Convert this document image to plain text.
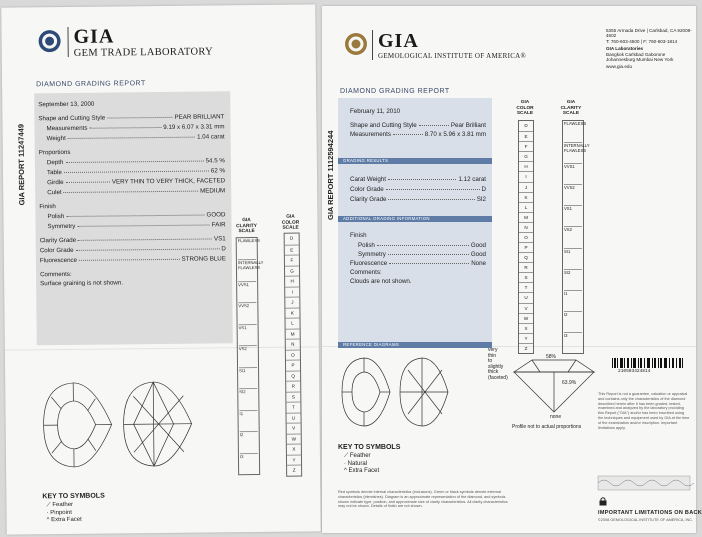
GIA
GEM TRADE LABORATORY
DIAMOND GRADING REPORT
GIA REPORT 11247449
September 13, 2000
Shape and Cutting Style	PEAR BRILLIANT
Measurements	9.19 x 6.07 x 3.31 mm
Weight	1.04 carat
Proportions
Depth	54.5 %
Table	62 %
Girdle	VERY THIN TO VERY THICK, FACETED
Culet	MEDIUM
Finish
Polish	GOOD
Symmetry	FAIR
Clarity Grade	VS1
Color Grade	D
Fluorescence	STRONG BLUE
Comments:
Surface graining is not shown.
GIA
CLARITY
SCALE
FLAWLESS
INTERNALLY FLAWLESS
VVS1
VVS2
VS1
VS2
SI1
SI2
I1
I2
I3
GIA
COLOR
SCALE
D
E
F
G
H
I
J
K
L
M
N
O
P
Q
R
S
T
U
V
W
X
Y
Z
KEY TO SYMBOLS
⟋ Feather
· Pinpoint
^ Extra Facet
GIA
GEMOLOGICAL INSTITUTE OF AMERICA®
5355 Armada Drive | Carlsbad, CA 92008-4602
T: 760-603-4500 | F: 760-603-1814
GIA Laboratories
Bangkok Carlsbad Gaborone
Johannesburg Mumbai New York
www.gia.edu
DIAMOND GRADING REPORT
GIA REPORT 1112594244
February 11, 2010
Shape and Cutting Style	Pear Brilliant
Measurements	8.70 x 5.96 x 3.81 mm
GRADING RESULTS
Carat Weight	1.12 carat
Color Grade	D
Clarity Grade	SI2
ADDITIONAL GRADING INFORMATION
Finish
Polish	Good
Symmetry	Good
Fluorescence	None
Comments:
Clouds are not shown.
REFERENCE DIAGRAMS
GIA
COLOR
SCALE
D
E
F
G
H
I
J
K
L
M
N
O
P
Q
R
S
T
U
V
W
X
Y
Z
GIA
CLARITY
SCALE
FLAWLESS
INTERNALLY FLAWLESS
VVS1
VVS2
VS1
VS2
SI1
SI2
I1
I2
I3
210503424814
very
thin
to
slightly
thick
(faceted)
58%
63.9%
none
Profile not to actual proportions
KEY TO SYMBOLS
⟋ Feather
· Natural
^ Extra Facet
Red symbols denote internal characteristics (inclusions). Green or black symbols denote external characteristics (blemishes). Diagram is an approximate representation of the diamond, and symbols shown indicate type, position, and approximate size of clarity characteristics. All clarity characteristics may not be shown. Details of finish are not shown.
This Report is not a guarantee, valuation or appraisal and contains only the characteristics of the diamond described herein after it has been graded, tested, examined and analyzed by the laboratory providing this Report ("GIA") and/or has been inscribed using the techniques and equipment used by GIA at the time of the examination and/or inscription. Important limitations apply.
IMPORTANT LIMITATIONS ON BACK
©2008 GEMOLOGICAL INSTITUTE OF AMERICA, INC.
